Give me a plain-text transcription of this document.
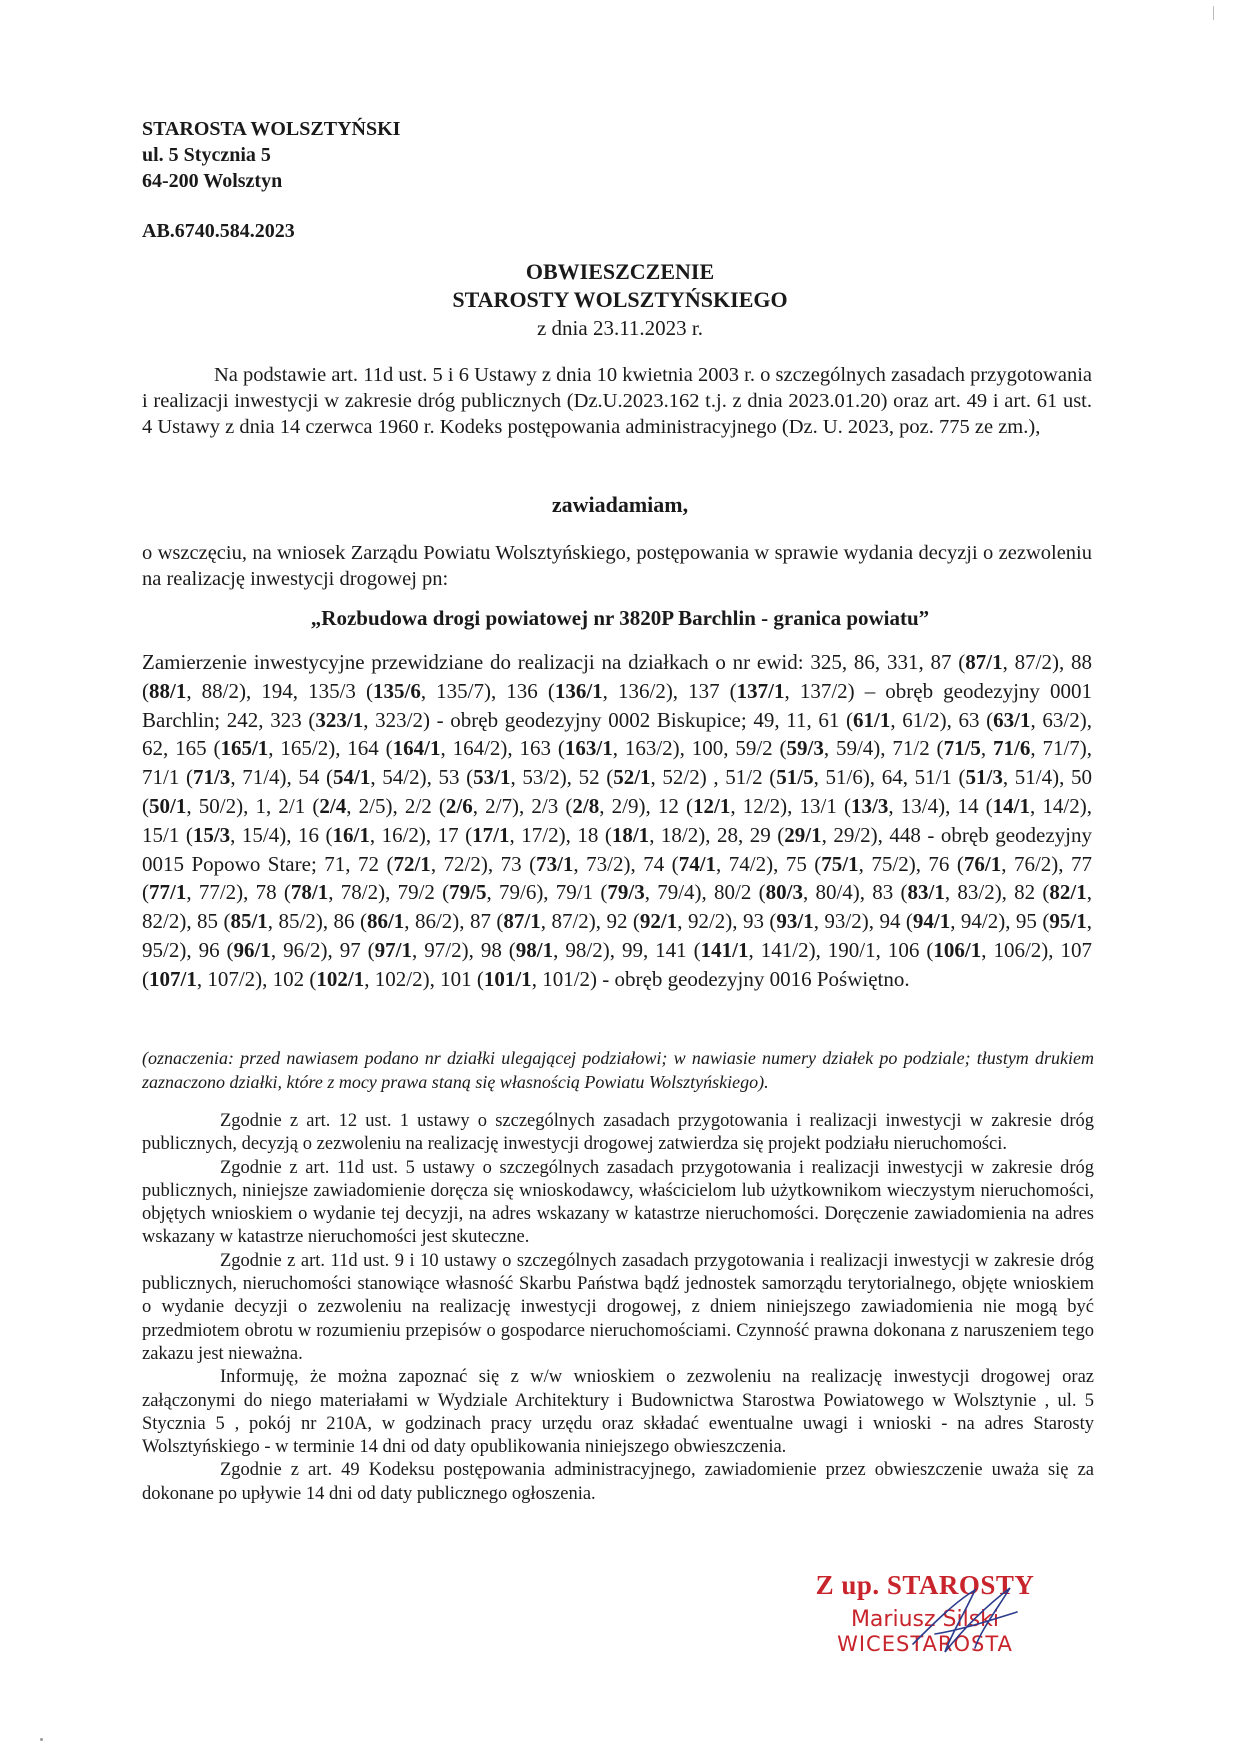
STAROSTA WOLSZTYŃSKI
ul. 5 Stycznia 5
64-200 Wolsztyn
AB.6740.584.2023
OBWIESZCZENIE
STAROSTY WOLSZTYŃSKIEGO
z dnia 23.11.2023 r.
Na podstawie art. 11d ust. 5 i 6 Ustawy z dnia 10 kwietnia 2003 r. o szczególnych zasadach przygotowania i realizacji inwestycji w zakresie dróg publicznych (Dz.U.2023.162 t.j. z dnia 2023.01.20) oraz art. 49 i art. 61 ust. 4 Ustawy z dnia 14 czerwca 1960 r. Kodeks postępowania administracyjnego (Dz. U. 2023, poz. 775 ze zm.),
zawiadamiam,
o wszczęciu, na wniosek Zarządu Powiatu Wolsztyńskiego, postępowania w sprawie wydania decyzji o zezwoleniu na realizację inwestycji drogowej pn:
„Rozbudowa drogi powiatowej nr 3820P Barchlin - granica powiatu”
Zamierzenie inwestycyjne przewidziane do realizacji na działkach o nr ewid: 325, 86, 331, 87 (87/1, 87/2), 88 (88/1, 88/2), 194, 135/3 (135/6, 135/7), 136 (136/1, 136/2), 137 (137/1, 137/2) – obręb geodezyjny 0001 Barchlin; 242, 323 (323/1, 323/2) - obręb geodezyjny 0002 Biskupice; 49, 11, 61 (61/1, 61/2), 63 (63/1, 63/2), 62, 165 (165/1, 165/2), 164 (164/1, 164/2), 163 (163/1, 163/2), 100, 59/2 (59/3, 59/4), 71/2 (71/5, 71/6, 71/7), 71/1 (71/3, 71/4), 54 (54/1, 54/2), 53 (53/1, 53/2), 52 (52/1, 52/2) , 51/2 (51/5, 51/6), 64, 51/1 (51/3, 51/4), 50 (50/1, 50/2), 1, 2/1 (2/4, 2/5), 2/2 (2/6, 2/7), 2/3 (2/8, 2/9), 12 (12/1, 12/2), 13/1 (13/3, 13/4), 14 (14/1, 14/2), 15/1 (15/3, 15/4), 16 (16/1, 16/2), 17 (17/1, 17/2), 18 (18/1, 18/2), 28, 29 (29/1, 29/2), 448 - obręb geodezyjny 0015 Popowo Stare; 71, 72 (72/1, 72/2), 73 (73/1, 73/2), 74 (74/1, 74/2), 75 (75/1, 75/2), 76 (76/1, 76/2), 77 (77/1, 77/2), 78 (78/1, 78/2), 79/2 (79/5, 79/6), 79/1 (79/3, 79/4), 80/2 (80/3, 80/4), 83 (83/1, 83/2), 82 (82/1, 82/2), 85 (85/1, 85/2), 86 (86/1, 86/2), 87 (87/1, 87/2), 92 (92/1, 92/2), 93 (93/1, 93/2), 94 (94/1, 94/2), 95 (95/1, 95/2), 96 (96/1, 96/2), 97 (97/1, 97/2), 98 (98/1, 98/2), 99, 141 (141/1, 141/2), 190/1, 106 (106/1, 106/2), 107 (107/1, 107/2), 102 (102/1, 102/2), 101 (101/1, 101/2) - obręb geodezyjny 0016 Poświętno.
(oznaczenia: przed nawiasem podano nr działki ulegającej podziałowi; w nawiasie numery działek po podziale; tłustym drukiem zaznaczono działki, które z mocy prawa staną się własnością Powiatu Wolsztyńskiego).

Zgodnie z art. 12 ust. 1 ustawy o szczególnych zasadach przygotowania i realizacji inwestycji w zakresie dróg publicznych, decyzją o zezwoleniu na realizację inwestycji drogowej zatwierdza się projekt podziału nieruchomości.

Zgodnie z art. 11d ust. 5 ustawy o szczególnych zasadach przygotowania i realizacji inwestycji w zakresie dróg publicznych, niniejsze zawiadomienie doręcza się wnioskodawcy, właścicielom lub użytkownikom wieczystym nieruchomości, objętych wnioskiem o wydanie tej decyzji, na adres wskazany w katastrze nieruchomości. Doręczenie zawiadomienia na adres wskazany w katastrze nieruchomości jest skuteczne.

Zgodnie z art. 11d ust. 9 i 10 ustawy o szczególnych zasadach przygotowania i realizacji inwestycji w zakresie dróg publicznych, nieruchomości stanowiące własność Skarbu Państwa bądź jednostek samorządu terytorialnego, objęte wnioskiem o wydanie decyzji o zezwoleniu na realizację inwestycji drogowej, z dniem niniejszego zawiadomienia nie mogą być przedmiotem obrotu w rozumieniu przepisów o gospodarce nieruchomościami. Czynność prawna dokonana z naruszeniem tego zakazu jest nieważna.

Informuję, że można zapoznać się z w/w wnioskiem o zezwoleniu na realizację inwestycji drogowej oraz załączonymi do niego materiałami w Wydziale Architektury i Budownictwa Starostwa Powiatowego w Wolsztynie , ul. 5 Stycznia 5 , pokój nr 210A, w godzinach pracy urzędu oraz składać ewentualne uwagi i wnioski - na adres Starosty Wolsztyńskiego - w terminie 14 dni od daty opublikowania niniejszego obwieszczenia.

Zgodnie z art. 49 Kodeksu postępowania administracyjnego, zawiadomienie przez obwieszczenie uważa się za dokonane po upływie 14 dni od daty publicznego ogłoszenia.

Z up. STAROSTY
Mariusz Silski
WICESTAROSTA
